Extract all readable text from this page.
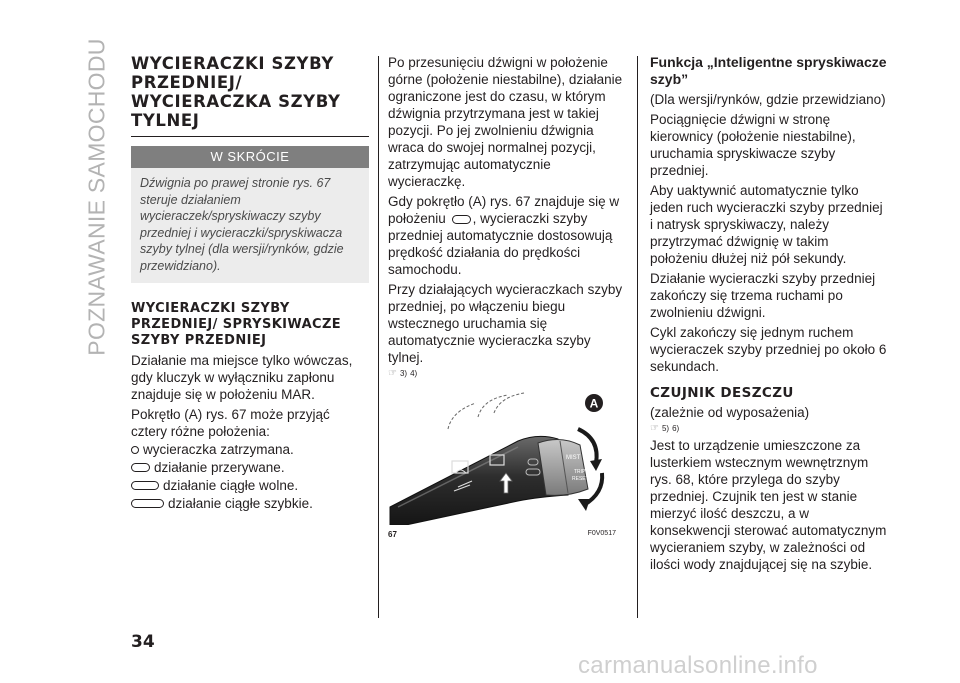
POZNAWANIE SAMOCHODU WYCIERACZKI SZYBY PRZEDNIEJ/ WYCIERACZKA SZYBY TYLNEJ
W SKRÓCIE
Dźwignia po prawej stronie rys. 67 steruje działaniem wycieraczek/spryskiwaczy szyby przedniej i wycieraczki/spryskiwacza szyby tylnej (dla wersji/rynków, gdzie przewidziano).
WYCIERACZKI SZYBY PRZEDNIEJ/ SPRYSKIWACZE SZYBY PRZEDNIEJ

Działanie ma miejsce tylko wówczas, gdy kluczyk w wyłączniku zapłonu znajduje się w położeniu MAR.

Pokrętło (A) rys. 67 może przyjąć cztery różne położenia:

wycieraczka zatrzymana.
działanie przerywane.
działanie ciągłe wolne.
działanie ciągłe szybkie.

Po przesunięciu dźwigni w położenie górne (położenie niestabilne), działanie ograniczone jest do czasu, w którym dźwignia przytrzymana jest w takiej pozycji. Po jej zwolnieniu dźwignia wraca do swojej normalnej pozycji, zatrzymując automatycznie wycieraczkę.

Gdy pokrętło (A) rys. 67 znajduje się w położeniu , wycieraczki szyby przedniej automatycznie dostosowują prędkość działania do prędkości samochodu.

Przy działających wycieraczkach szyby przedniej, po włączeniu biegu wstecznego uruchamia się automatycznie wycieraczka szyby tylnej.

☞ 3) 4)
MIST
TRIP
RESET
A
67	F0V0517
Funkcja „Inteligentne spryskiwacze szyb”

(Dla wersji/rynków, gdzie przewidziano)

Pociągnięcie dźwigni w stronę kierownicy (położenie niestabilne), uruchamia spryskiwacze szyby przedniej.

Aby uaktywnić automatycznie tylko jeden ruch wycieraczki szyby przedniej i natrysk spryskiwaczy, należy przytrzymać dźwignię w takim położeniu dłużej niż pół sekundy.

Działanie wycieraczki szyby przedniej zakończy się trzema ruchami po zwolnieniu dźwigni.

Cykl zakończy się jednym ruchem wycieraczek szyby przedniej po około 6 sekundach.

CZUJNIK DESZCZU

(zależnie od wyposażenia)

☞ 5) 6)

Jest to urządzenie umieszczone za lusterkiem wstecznym wewnętrznym rys. 68, które przylega do szyby przedniej. Czujnik ten jest w stanie mierzyć ilość deszczu, a w konsekwencji sterować automatycznym wycieraniem szyby, w zależności od ilości wody znajdującej się na szybie.

34
carmanualsonline.info
